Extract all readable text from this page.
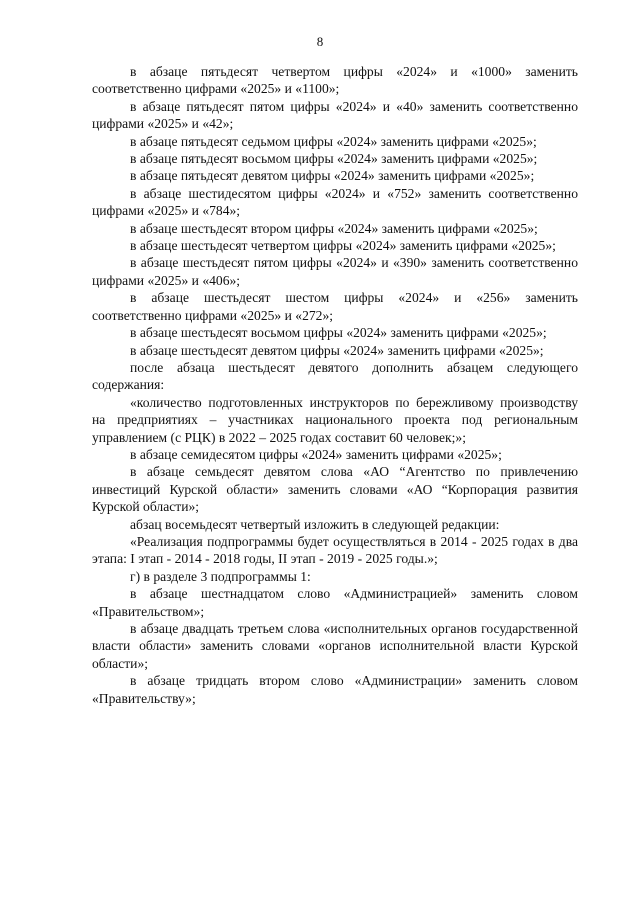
8

в абзаце пятьдесят четвертом цифры «2024» и «1000» заменить соответственно цифрами «2025» и «1100»;

в абзаце пятьдесят пятом цифры «2024» и «40» заменить соответственно цифрами «2025» и «42»;

в абзаце пятьдесят седьмом цифры «2024» заменить цифрами «2025»;

в абзаце пятьдесят восьмом цифры «2024» заменить цифрами «2025»;

в абзаце пятьдесят девятом цифры «2024» заменить цифрами «2025»;

в абзаце шестидесятом цифры «2024» и «752» заменить соответственно цифрами «2025» и «784»;

в абзаце шестьдесят втором цифры «2024» заменить цифрами «2025»;

в абзаце шестьдесят четвертом цифры «2024» заменить цифрами «2025»;

в абзаце шестьдесят пятом цифры «2024» и «390» заменить соответственно цифрами «2025» и «406»;

в абзаце шестьдесят шестом цифры «2024» и «256» заменить соответственно цифрами «2025» и «272»;

в абзаце шестьдесят восьмом цифры «2024» заменить цифрами «2025»;

в абзаце шестьдесят девятом цифры «2024» заменить цифрами «2025»;

после абзаца шестьдесят девятого дополнить абзацем следующего содержания:

«количество подготовленных инструкторов по бережливому производству на предприятиях – участниках национального проекта под региональным управлением (с РЦК) в 2022 – 2025 годах составит 60 человек;»;

в абзаце семидесятом цифры «2024» заменить цифрами «2025»;

в абзаце семьдесят девятом слова «АО “Агентство по привлечению инвестиций Курской области» заменить словами «АО “Корпорация развития Курской области»;

абзац восемьдесят четвертый изложить в следующей редакции:

«Реализация подпрограммы будет осуществляться в 2014 - 2025 годах в два этапа: I этап - 2014 - 2018 годы, II этап - 2019 - 2025 годы.»;

г) в разделе 3 подпрограммы 1:

в абзаце шестнадцатом слово «Администрацией» заменить словом «Правительством»;

в абзаце двадцать третьем слова «исполнительных органов государственной власти области» заменить словами «органов исполнительной власти Курской области»;

в абзаце тридцать втором слово «Администрации» заменить словом «Правительству»;
